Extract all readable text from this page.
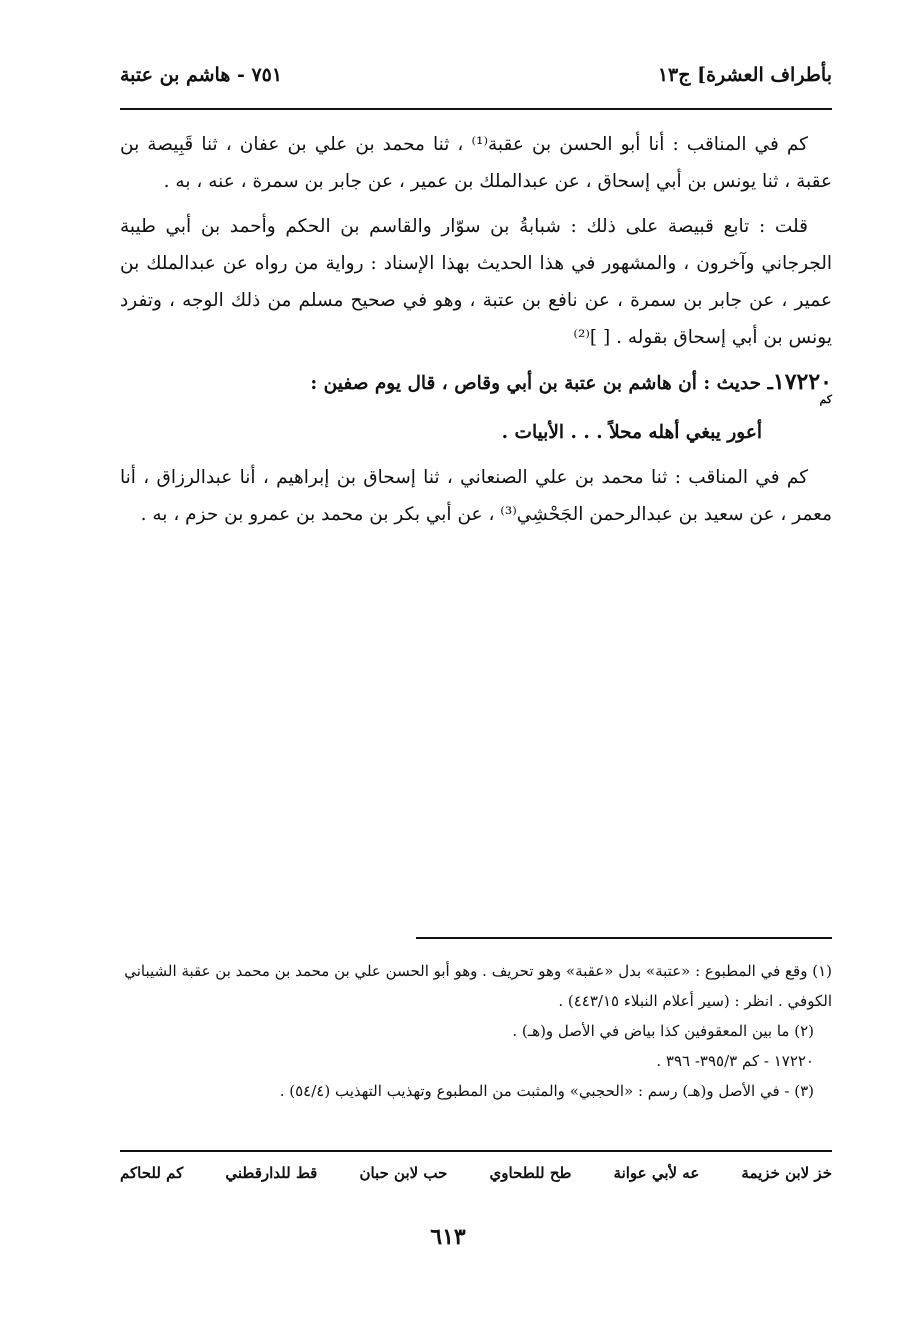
بأطراف العشرة] ج١٣
٧٥١ - هاشم بن عتبة

كم في المناقب : أنا أبو الحسن بن عقبة⁽¹⁾ ، ثنا محمد بن علي بن عفان ، ثنا قَبِيصة بن عقبة ، ثنا يونس بن أبي إسحاق ، عن عبدالملك بن عمير ، عن جابر بن سمرة ، عنه ، به .

قلت : تابع قبيصة على ذلك : شبابةُ بن سوّار والقاسم بن الحكم وأحمد بن أبي طيبة الجرجاني وآخرون ، والمشهور في هذا الحديث بهذا الإسناد : رواية من رواه عن عبدالملك بن عمير ، عن جابر بن سمرة ، عن نافع بن عتبة ، وهو في صحيح مسلم من ذلك الوجه ، وتفرد يونس بن أبي إسحاق بقوله . [ ]⁽²⁾

١٧٢٢٠ـ حديث : أن هاشم بن عتبة بن أبي وقاص ، قال يوم صفين :
كم

أعور يبغي أهله محلاً . . . الأبيات .

كم في المناقب : ثنا محمد بن علي الصنعاني ، ثنا إسحاق بن إبراهيم ، أنا عبدالرزاق ، أنا معمر ، عن سعيد بن عبدالرحمن الجَحْشِي⁽³⁾ ، عن أبي بكر بن محمد بن عمرو بن حزم ، به .

(١) وقع في المطبوع : «عتبة» بدل «عقبة» وهو تحريف . وهو أبو الحسن علي بن محمد بن محمد بن عقبة الشيباني الكوفي . انظر : (سير أعلام النبلاء ٤٤٣/١٥) .

(٢) ما بين المعقوفين كذا بياض في الأصل و(هـ) .

١٧٢٢٠ - كم ٣٩٥/٣- ٣٩٦ .

(٣) - في الأصل و(هـ) رسم : «الحجبي» والمثبت من المطبوع وتهذيب التهذيب (٥٤/٤) .

خز لابن خزيمة
عه لأبي عوانة
طح للطحاوي
حب لابن حبان
قط للدارقطني
كم للحاكم
٦١٣
